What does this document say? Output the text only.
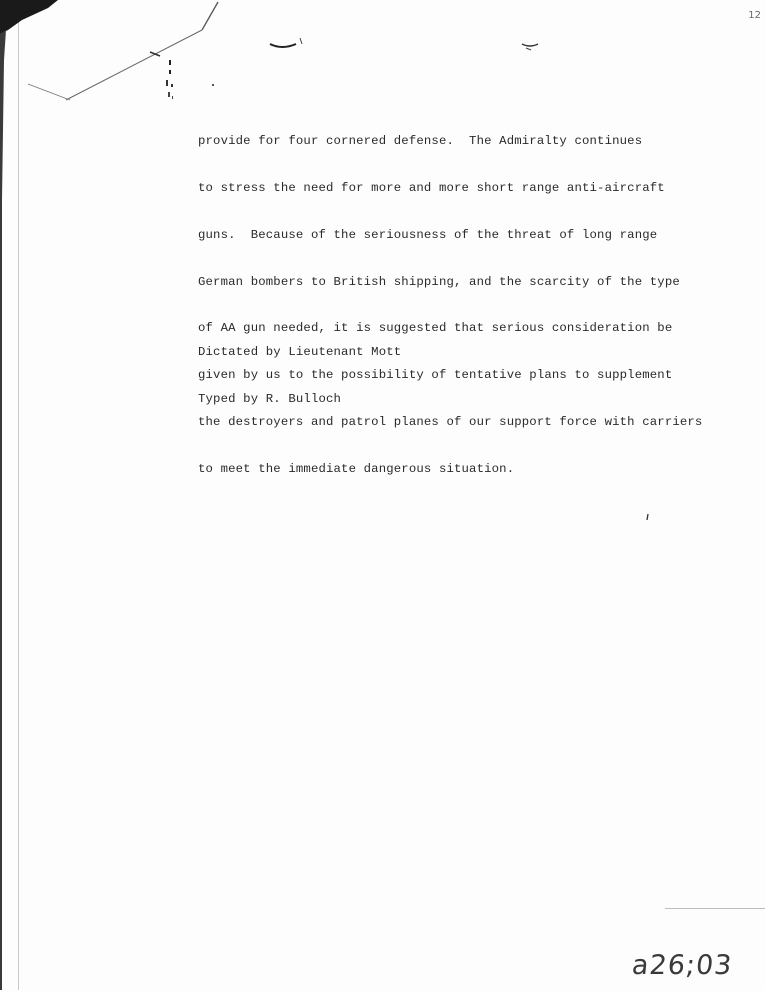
12

provide for four cornered defense.  The Admiralty continues

to stress the need for more and more short range anti-aircraft

guns.  Because of the seriousness of the threat of long range

German bombers to British shipping, and the scarcity of the type

of AA gun needed, it is suggested that serious consideration be

given by us to the possibility of tentative plans to supplement

the destroyers and patrol planes of our support force with carriers

to meet the immediate dangerous situation.

Dictated by Lieutenant Mott

Typed by R. Bulloch

a26;03
